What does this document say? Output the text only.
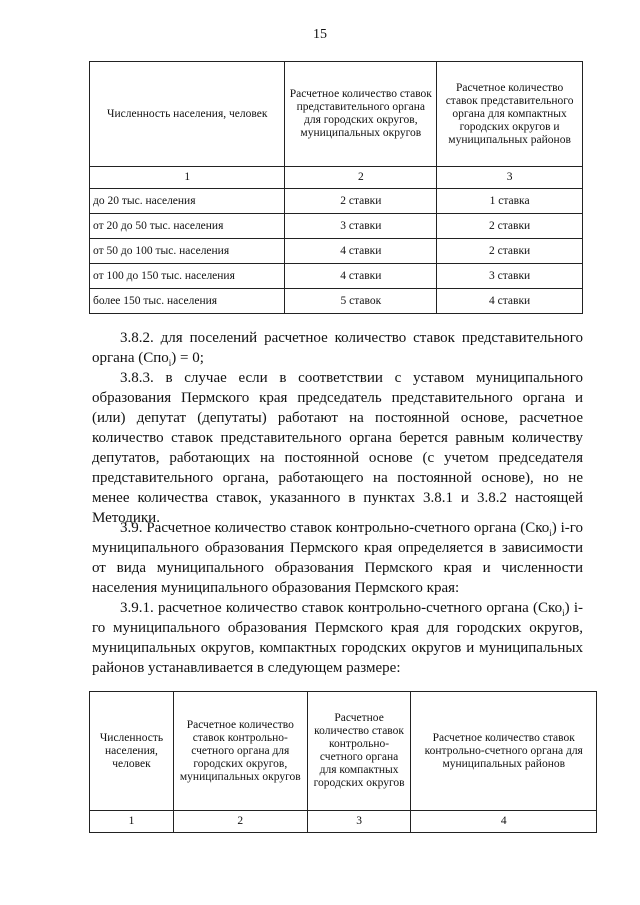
15
Численность населения, человек	Расчетное количество ставок представительного органа для городских округов, муниципальных округов	Расчетное количество ставок представительного органа для компактных городских округов и муниципальных районов
1	2	3
до 20 тыс. населения	2 ставки	1 ставка
от 20 до 50 тыс. населения	3 ставки	2 ставки
от 50 до 100 тыс. населения	4 ставки	2 ставки
от 100 до 150 тыс. населения	4 ставки	3 ставки
более 150 тыс. населения	5 ставок	4 ставки

3.8.2. для поселений расчетное количество ставок представительного органа (Спо$_i$) = 0;

3.8.3. в случае если в соответствии с уставом муниципального образования Пермского края председатель представительного органа и (или) депутат (депутаты) работают на постоянной основе, расчетное количество ставок представительного органа берется равным количеству депутатов, работающих на постоянной основе (с учетом председателя представительного органа, работающего на постоянной основе), но не менее количества ставок, указанного в пунктах 3.8.1 и 3.8.2 настоящей Методики.

3.9. Расчетное количество ставок контрольно-счетного органа (Ско$_i$) i-го муниципального образования Пермского края определяется в зависимости от вида муниципального образования Пермского края и численности населения муниципального образования Пермского края:

3.9.1. расчетное количество ставок контрольно-счетного органа (Ско$_i$) i-го муниципального образования Пермского края для городских округов, муниципальных округов, компактных городских округов и муниципальных районов устанавливается в следующем размере:

Численность населения, человек	Расчетное количество ставок контрольно-счетного органа для городских округов, муниципальных округов	Расчетное количество ставок контрольно-счетного органа для компактных городских округов	Расчетное количество ставок контрольно-счетного органа для муниципальных районов
1	2	3	4
